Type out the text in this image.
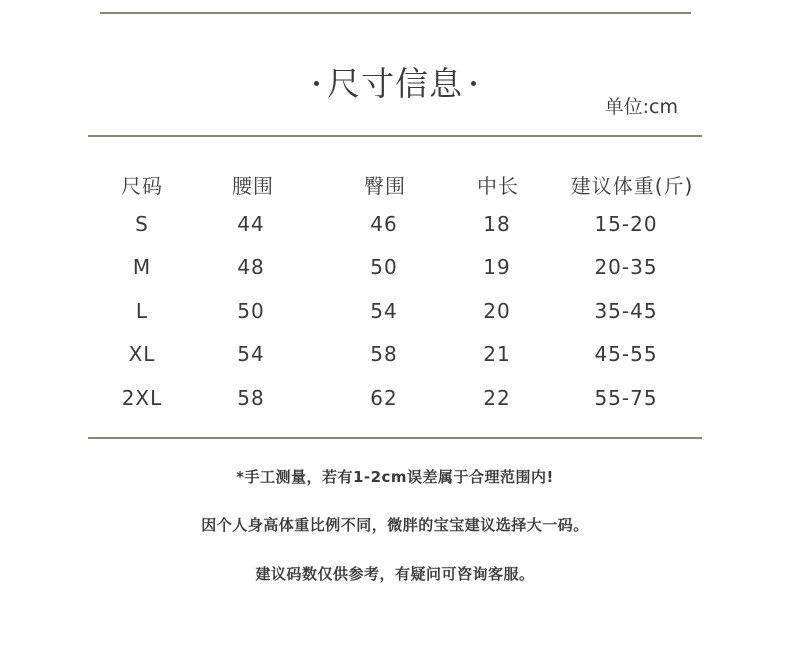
尺寸信息
单位:cm
尺码	腰围	臀围	中长	建议体重(斤)
S	44	46	18	15-20
M	48	50	19	20-35
L	50	54	20	35-45
XL	54	58	21	45-55
2XL	58	62	22	55-75
*手工测量，若有1-2cm误差属于合理范围内!
因个人身高体重比例不同，微胖的宝宝建议选择大一码。
建议码数仅供参考，有疑问可咨询客服。
